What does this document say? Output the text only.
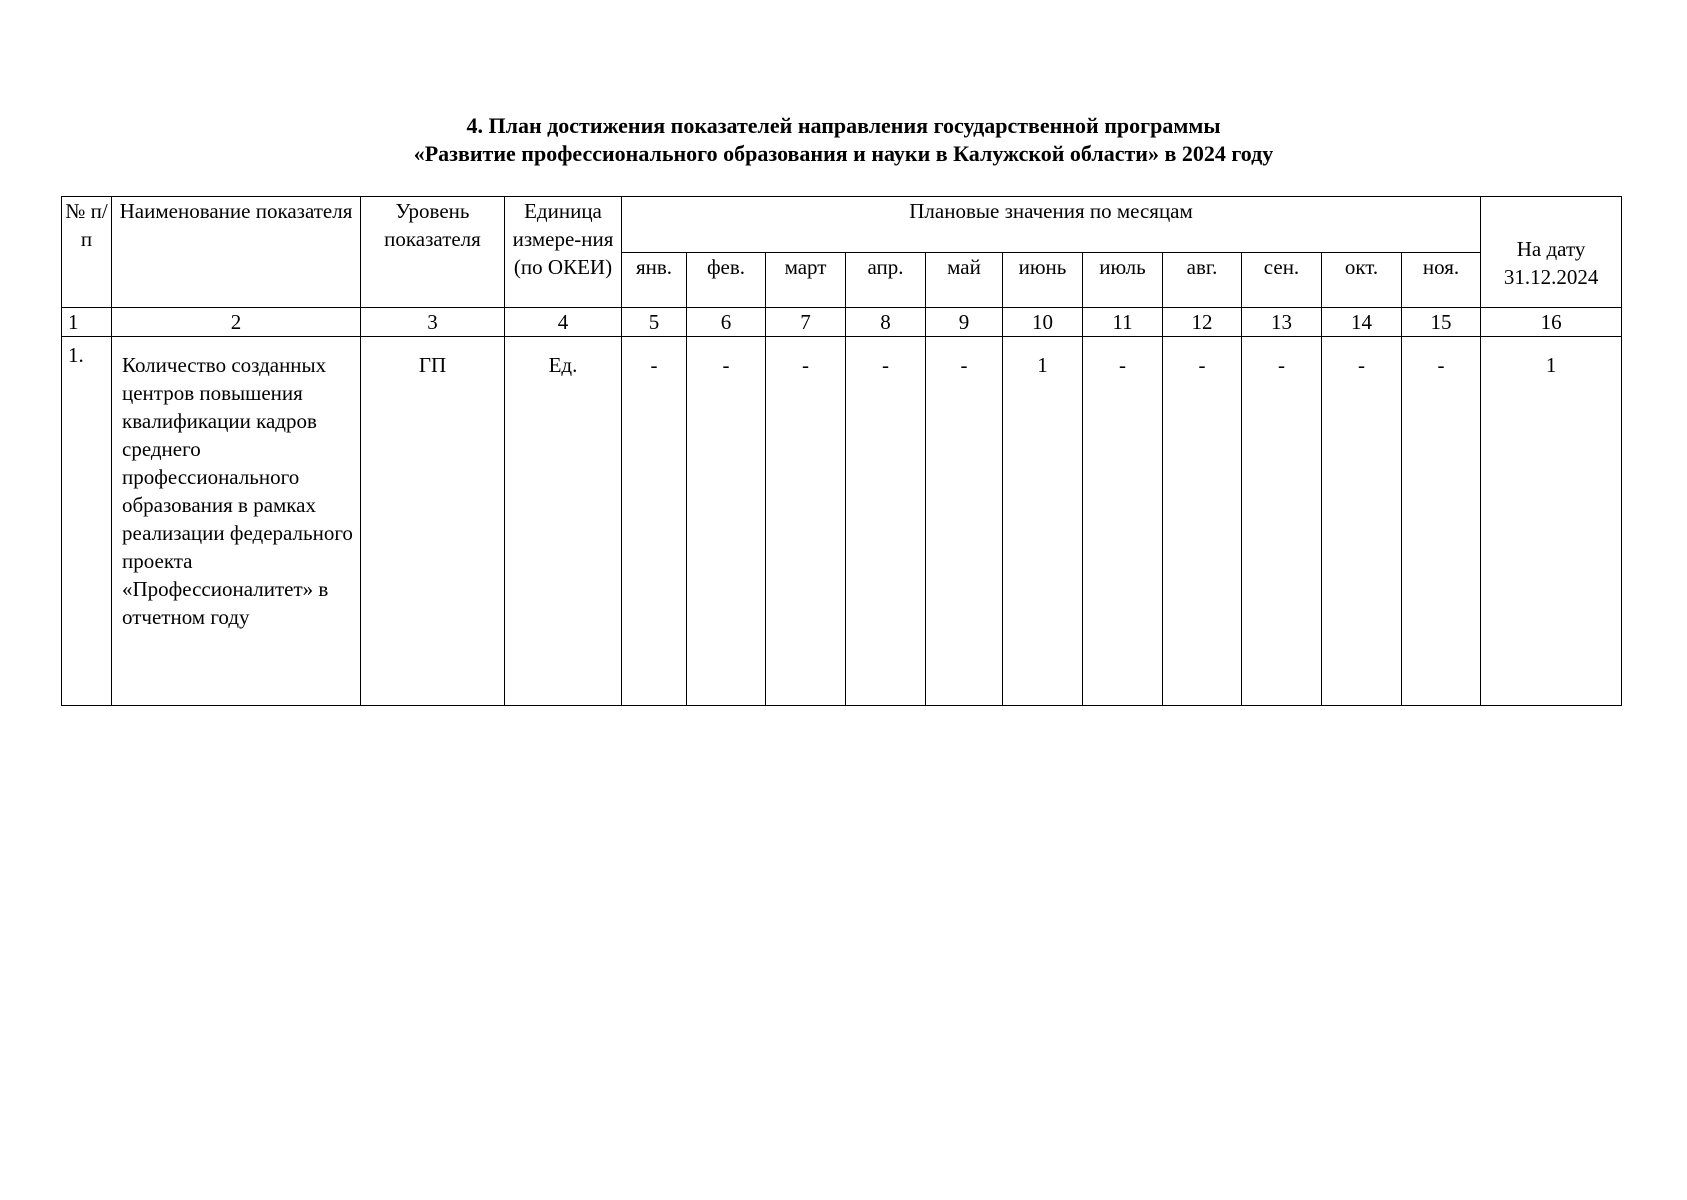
4. План достижения показателей направления государственной программы
«Развитие профессионального образования и науки в Калужской области» в 2024 году
№ п/п	Наименование показателя	Уровень показателя	Единица измере-ния (по ОКЕИ)	Плановые значения по месяцам											На дату 31.12.2024
				янв.	фев.	март	апр.	май	июнь	июль	авг.	сен.	окт.	ноя.	
1	2	3	4	5	6	7	8	9	10	11	12	13	14	15	16
1.	Количество созданных центров повышения квалификации кадров среднего профессионального образования в рамках реализации федерального проекта «Профессионалитет» в отчетном году	ГП	Ед.	-	-	-	-	-	1	-	-	-	-	-	1
